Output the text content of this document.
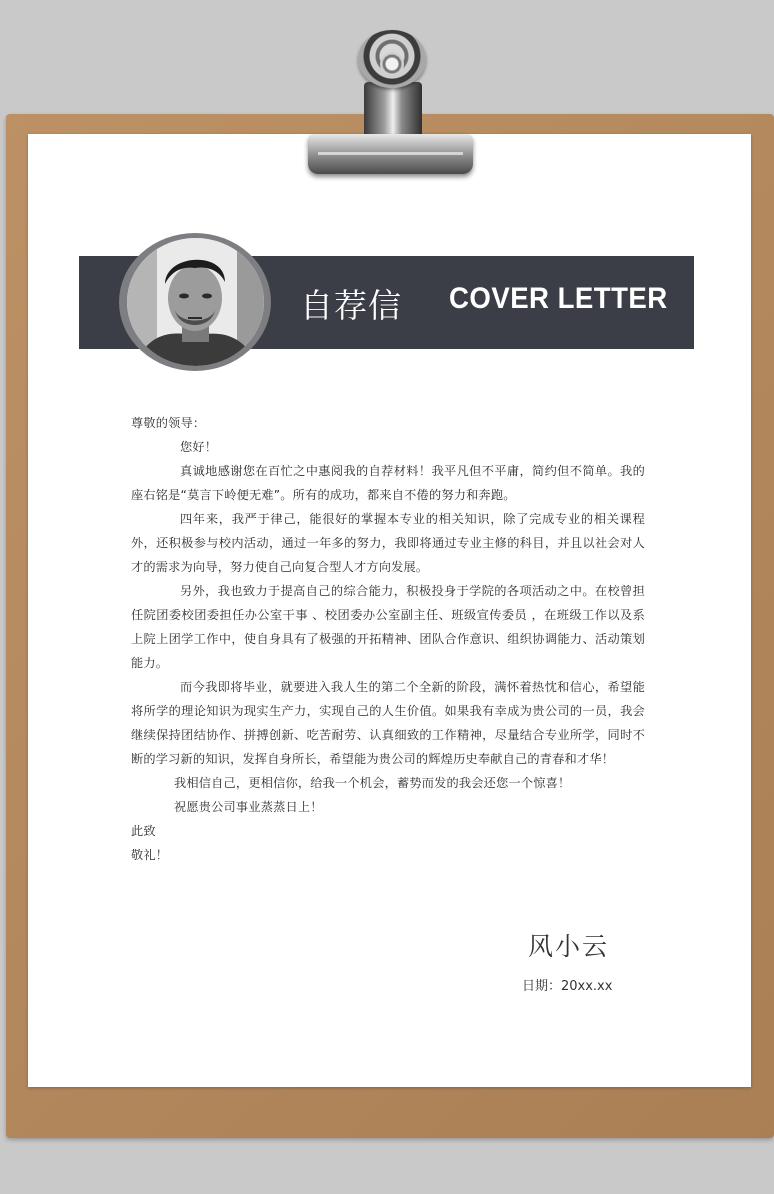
自荐信 COVER LETTER

尊敬的领导：

您好！

真诚地感谢您在百忙之中惠阅我的自荐材料！我平凡但不平庸，简约但不简单。我的座右铭是“莫言下岭便无难”。所有的成功，都来自不倦的努力和奔跑。

四年来，我严于律己，能很好的掌握本专业的相关知识，除了完成专业的相关课程外，还积极参与校内活动，通过一年多的努力，我即将通过专业主修的科目，并且以社会对人才的需求为向导，努力使自己向复合型人才方向发展。

另外，我也致力于提高自己的综合能力，积极投身于学院的各项活动之中。在校曾担任院团委校团委担任办公室干事 、校团委办公室副主任、班级宣传委员 ，在班级工作以及系上院上团学工作中，使自身具有了极强的开拓精神、团队合作意识、组织协调能力、活动策划能力。

而今我即将毕业，就要进入我人生的第二个全新的阶段，满怀着热忱和信心，希望能将所学的理论知识为现实生产力，实现自己的人生价值。如果我有幸成为贵公司的一员，我会继续保持团结协作、拼搏创新、吃苦耐劳、认真细致的工作精神，尽量结合专业所学，同时不断的学习新的知识，发挥自身所长，希望能为贵公司的辉煌历史奉献自己的青春和才华！

我相信自己，更相信你，给我一个机会，蓄势而发的我会还您一个惊喜！

祝愿贵公司事业蒸蒸日上！

此致

敬礼！

风小云
日期：20xx.xx
